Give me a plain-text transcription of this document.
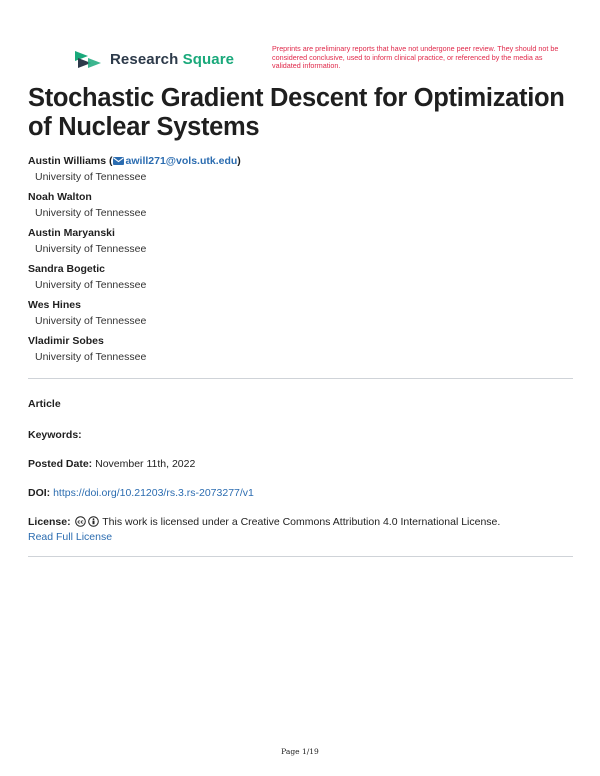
Research Square
Preprints are preliminary reports that have not undergone peer review. They should not be considered conclusive, used to inform clinical practice, or referenced by the media as validated information.
Stochastic Gradient Descent for Optimization of Nuclear Systems
Austin Williams ( awill271@vols.utk.edu)
University of Tennessee
Noah Walton
University of Tennessee
Austin Maryanski
University of Tennessee
Sandra Bogetic
University of Tennessee
Wes Hines
University of Tennessee
Vladimir Sobes
University of Tennessee
Article
Keywords:
Posted Date: November 11th, 2022
DOI: https://doi.org/10.21203/rs.3.rs-2073277/v1
License: cc This work is licensed under a Creative Commons Attribution 4.0 International License.
Read Full License
Page 1/19
